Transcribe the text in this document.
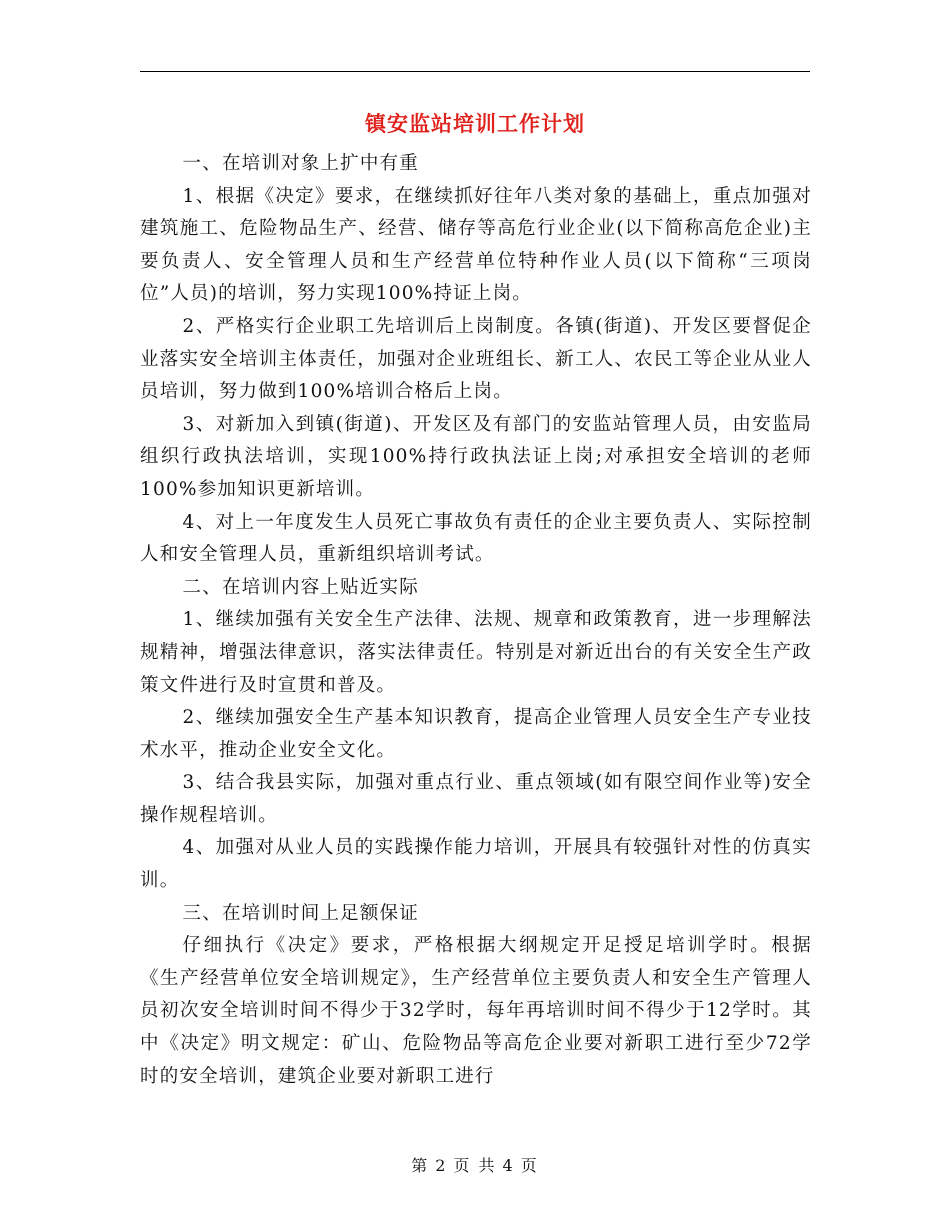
镇安监站培训工作计划

一、在培训对象上扩中有重

1、根据《决定》要求，在继续抓好往年八类对象的基础上，重点加强对建筑施工、危险物品生产、经营、储存等高危行业企业(以下简称高危企业)主要负责人、安全管理人员和生产经营单位特种作业人员(以下简称“三项岗位”人员)的培训，努力实现100%持证上岗。

2、严格实行企业职工先培训后上岗制度。各镇(街道)、开发区要督促企业落实安全培训主体责任，加强对企业班组长、新工人、农民工等企业从业人员培训，努力做到100%培训合格后上岗。

3、对新加入到镇(街道)、开发区及有部门的安监站管理人员，由安监局组织行政执法培训，实现100%持行政执法证上岗;对承担安全培训的老师100%参加知识更新培训。

4、对上一年度发生人员死亡事故负有责任的企业主要负责人、实际控制人和安全管理人员，重新组织培训考试。

二、在培训内容上贴近实际

1、继续加强有关安全生产法律、法规、规章和政策教育，进一步理解法规精神，增强法律意识，落实法律责任。特别是对新近出台的有关安全生产政策文件进行及时宣贯和普及。

2、继续加强安全生产基本知识教育，提高企业管理人员安全生产专业技术水平，推动企业安全文化。

3、结合我县实际，加强对重点行业、重点领域(如有限空间作业等)安全操作规程培训。

4、加强对从业人员的实践操作能力培训，开展具有较强针对性的仿真实训。

三、在培训时间上足额保证

仔细执行《决定》要求，严格根据大纲规定开足授足培训学时。根据《生产经营单位安全培训规定》，生产经营单位主要负责人和安全生产管理人员初次安全培训时间不得少于32学时，每年再培训时间不得少于12学时。其中《决定》明文规定：矿山、危险物品等高危企业要对新职工进行至少72学时的安全培训，建筑企业要对新职工进行

第 2 页 共 4 页
